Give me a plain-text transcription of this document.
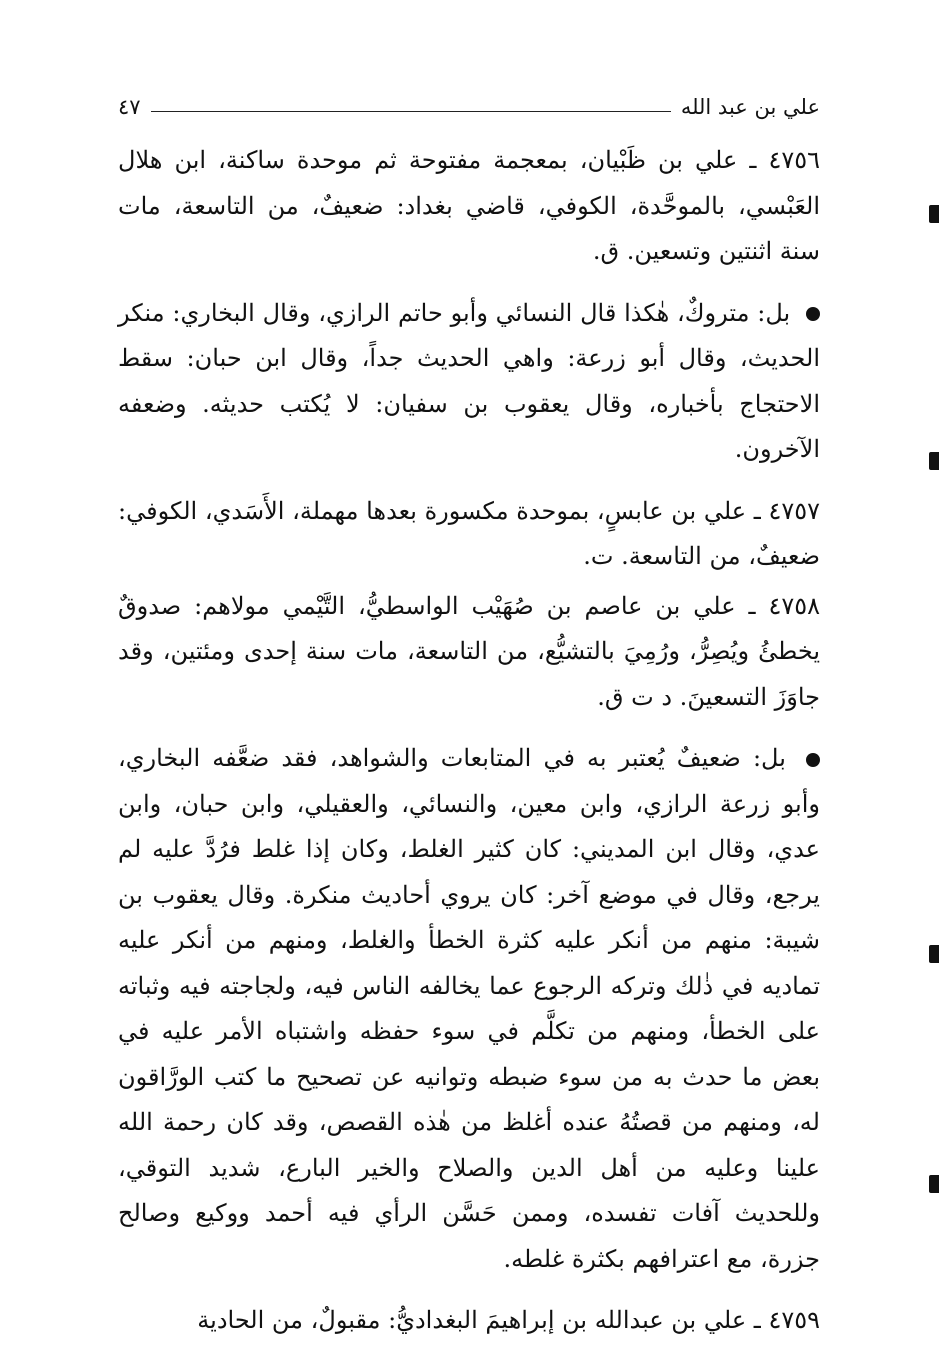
علي بن عبد الله
٤٧

٤٧٥٦ ـ علي بن ظَبْيان، بمعجمة مفتوحة ثم موحدة ساكنة، ابن هلال العَبْسي، بالموحَّدة، الكوفي، قاضي بغداد: ضعيفٌ، من التاسعة، مات سنة اثنتين وتسعين. ق.

بل: متروكٌ، هٰكذا قال النسائي وأبو حاتم الرازي، وقال البخاري: منكر الحديث، وقال أبو زرعة: واهي الحديث جداً، وقال ابن حبان: سقط الاحتجاج بأخباره، وقال يعقوب بن سفيان: لا يُكتب حديثه. وضعفه الآخرون.

٤٧٥٧ ـ علي بن عابسٍ، بموحدة مكسورة بعدها مهملة، الأَسَدي، الكوفي: ضعيفٌ، من التاسعة. ت.

٤٧٥٨ ـ علي بن عاصم بن صُهَيْب الواسطيُّ، التَّيْمي مولاهم: صدوقٌ يخطئُ ويُصِرُّ، ورُمِيَ بالتشيُّع، من التاسعة، مات سنة إحدى ومئتين، وقد جاوَزَ التسعينَ. د ت ق.

بل: ضعيفٌ يُعتبر به في المتابعات والشواهد، فقد ضعَّفه البخاري، وأبو زرعة الرازي، وابن معين، والنسائي، والعقيلي، وابن حبان، وابن عدي، وقال ابن المديني: كان كثير الغلط، وكان إذا غلط فرُدَّ عليه لم يرجع، وقال في موضع آخر: كان يروي أحاديث منكرة. وقال يعقوب بن شيبة: منهم من أنكر عليه كثرة الخطأ والغلط، ومنهم من أنكر عليه تماديه في ذٰلك وتركه الرجوع عما يخالفه الناس فيه، ولجاجته فيه وثباته على الخطأ، ومنهم من تكلَّم في سوء حفظه واشتباه الأمر عليه في بعض ما حدث به من سوء ضبطه وتوانيه عن تصحيح ما كتب الورَّاقون له، ومنهم من قصتُهُ عنده أغلظ من هٰذه القصص، وقد كان رحمة الله علينا وعليه من أهل الدين والصلاح والخير البارع، شديد التوقي، وللحديث آفات تفسده، وممن حَسَّن الرأي فيه أحمد ووكيع وصالح جزرة، مع اعترافهم بكثرة غلطه.

٤٧٥٩ ـ علي بن عبدالله بن إبراهيمَ البغداديُّ: مقبولٌ، من الحادية
